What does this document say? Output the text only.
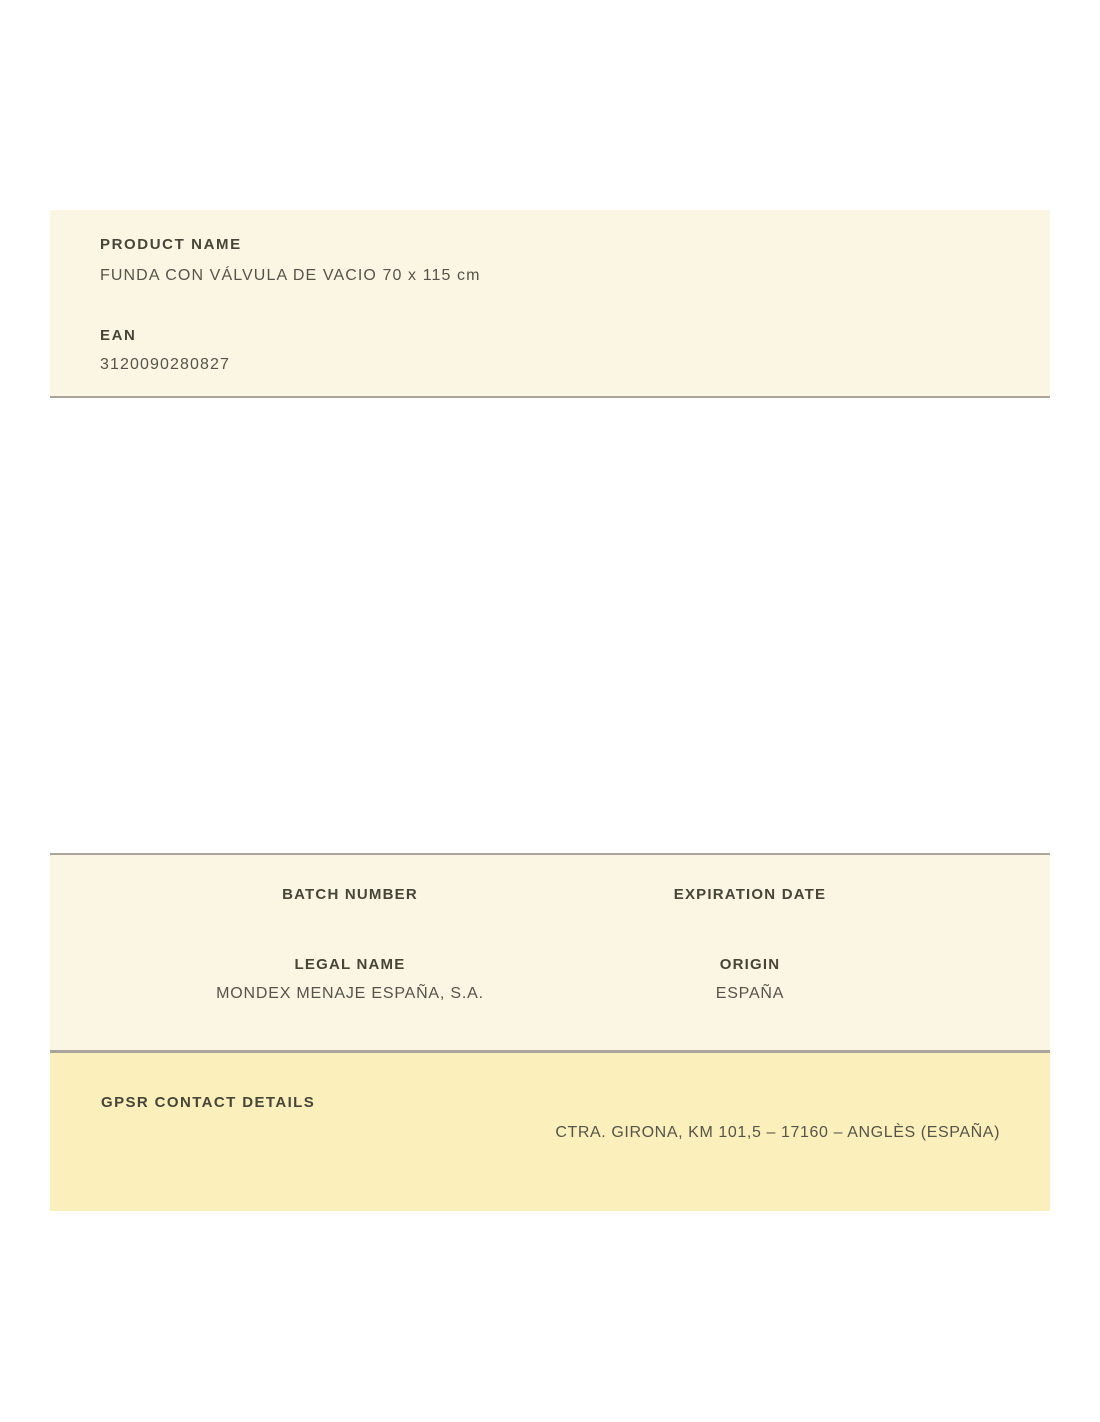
PRODUCT NAME
FUNDA CON VÁLVULA DE VACIO 70 x 115 cm
EAN
3120090280827
BATCH NUMBER	EXPIRATION DATE
LEGAL NAME
MONDEX MENAJE ESPAÑA, S.A.
ORIGIN
ESPAÑA
GPSR CONTACT DETAILS
CTRA. GIRONA, KM 101,5 – 17160 – ANGLÈS (ESPAÑA)
